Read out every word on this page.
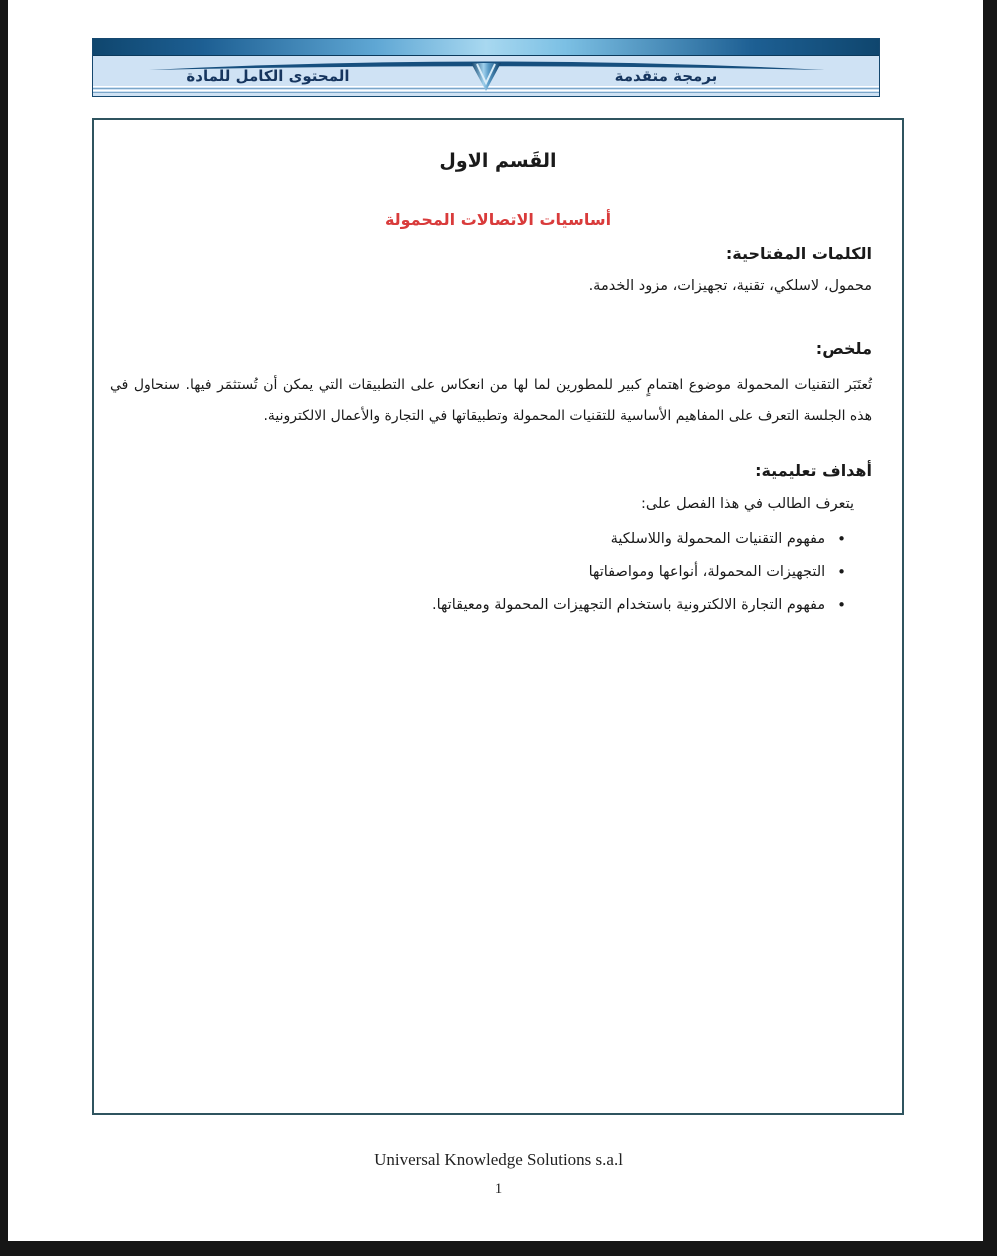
برمجة متقدمة
المحتوى الكامل للمادة
القَسم الاول
أساسيات الاتصالات المحمولة
الكلمات المفتاحية:
محمول، لاسلكي، تقنية، تجهيزات، مزود الخدمة.
ملخص:
تُعتَبَر التقنيات المحمولة موضوع اهتمامٍ كبير للمطورين لما لها من انعكاس على التطبيقات التي يمكن أن تُستثمَر فيها. سنحاول في هذه الجلسة التعرف على المفاهيم الأساسية للتقنيات المحمولة وتطبيقاتها في التجارة والأعمال الالكترونية.
أهداف تعليمية:
يتعرف الطالب في هذا الفصل على:
•
مفهوم التقنيات المحمولة واللاسلكية
•
التجهيزات المحمولة، أنواعها ومواصفاتها
•
مفهوم التجارة الالكترونية باستخدام التجهيزات المحمولة ومعيقاتها.
Universal Knowledge Solutions s.a.l
1
